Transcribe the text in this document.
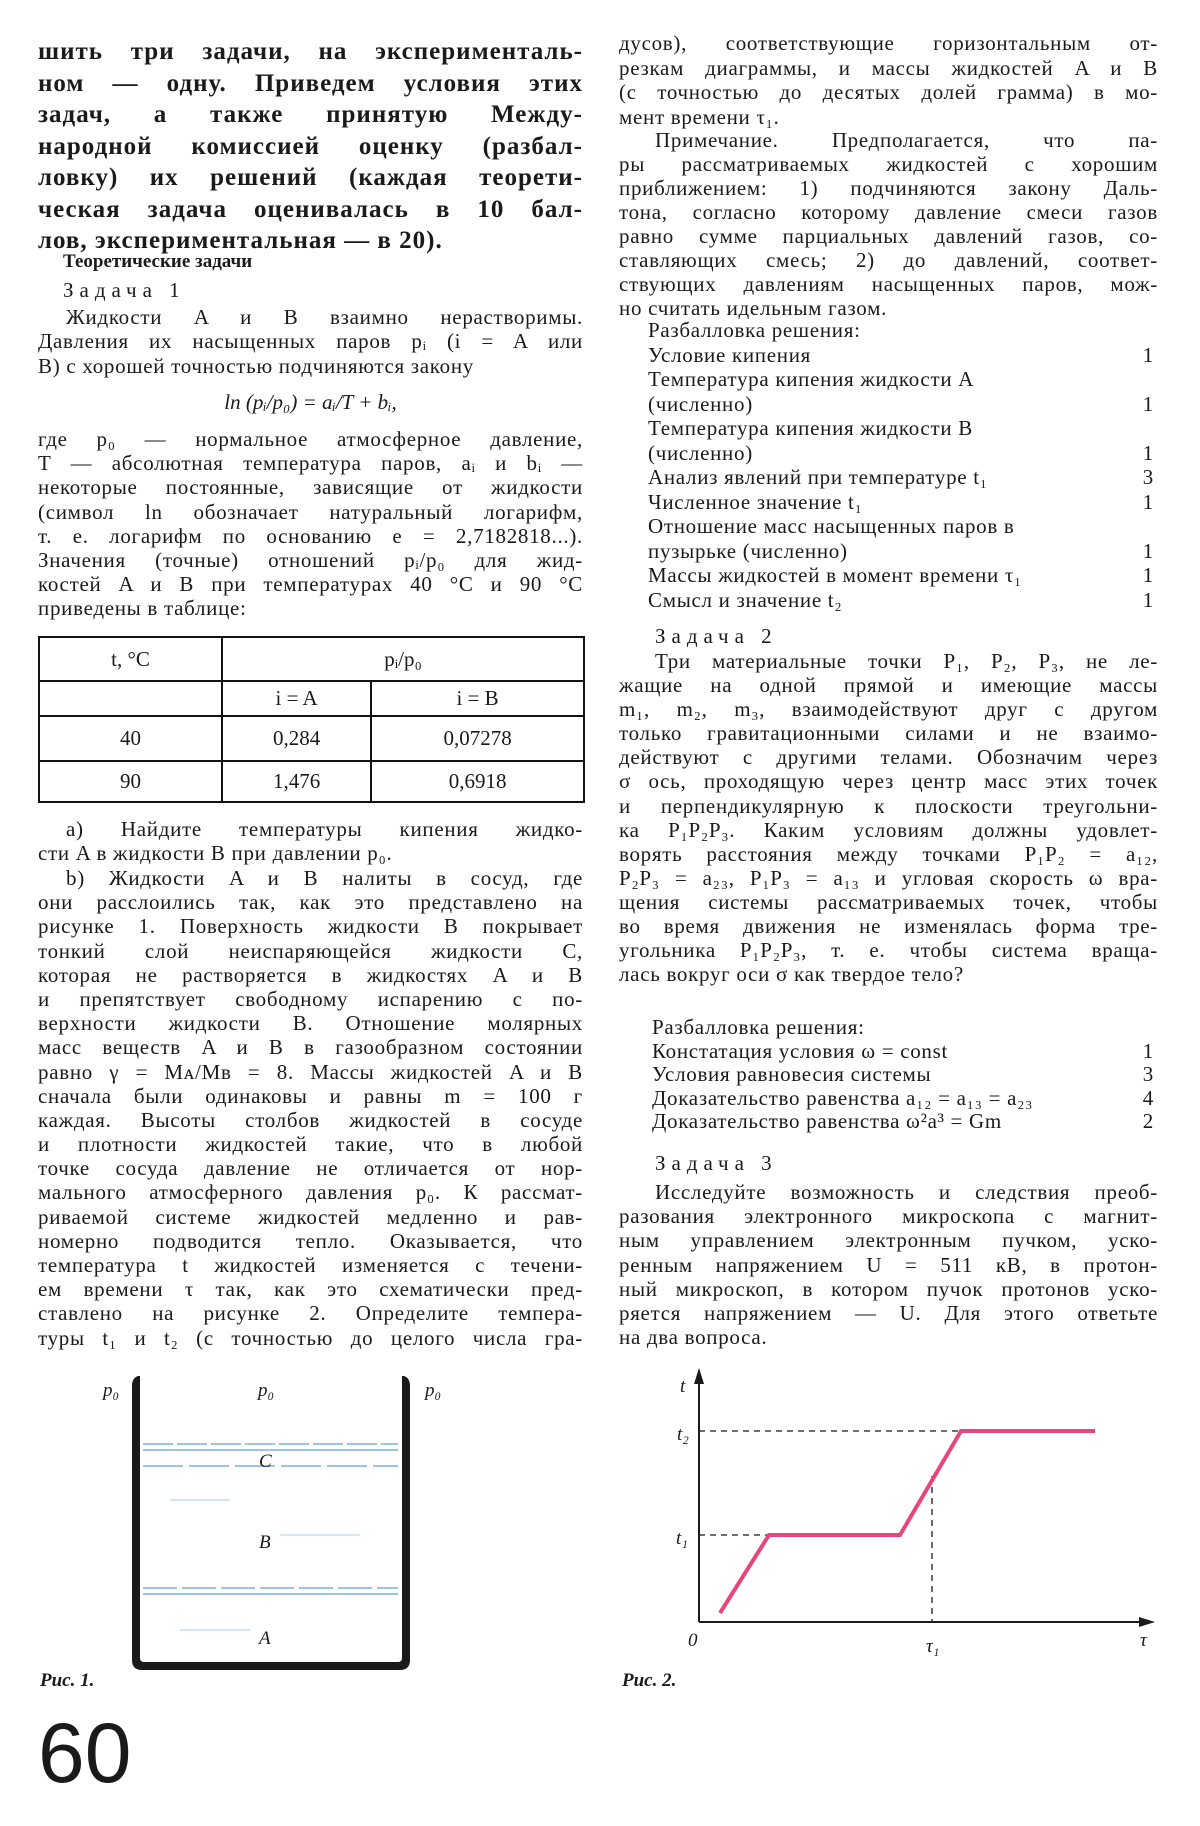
шить три задачи, на эксперименталь-
ном — одну. Приведем условия этих
задач, а также принятую Между-
народной комиссией оценку (разбал-
ловку) их решений (каждая теорети-
ческая задача оценивалась в 10 бал-
лов, экспериментальная — в 20).
Теоретические задачи
Задача 1
Жидкости A и B взаимно нерастворимы.
Давления их насыщенных паров pᵢ (i = A или
B) с хорошей точностью подчиняются закону
ln (pᵢ/p₀) = aᵢ/T + bᵢ,
где p₀ — нормальное атмосферное давление,
T — абсолютная температура паров, aᵢ и bᵢ —
некоторые постоянные, зависящие от жидкости
(символ ln обозначает натуральный логарифм,
т. е. логарифм по основанию e = 2,7182818...).
Значения (точные) отношений pᵢ/p₀ для жид-
костей A и B при температурах 40 °C и 90 °C
приведены в таблице:
t, °C	pᵢ/p₀	
	i = A	i = B
40	0,284	0,07278
90	1,476	0,6918
a) Найдите температуры кипения жидко-
сти A в жидкости B при давлении p₀.
b) Жидкости A и B налиты в сосуд, где
они расслоились так, как это представлено на
рисунке 1. Поверхность жидкости B покрывает
тонкий слой неиспаряющейся жидкости C,
которая не растворяется в жидкостях A и B
и препятствует свободному испарению с по-
верхности жидкости B. Отношение молярных
масс веществ A и B в газообразном состоянии
равно γ = Mᴀ/Mʙ = 8. Массы жидкостей A и B
сначала были одинаковы и равны m = 100 г
каждая. Высоты столбов жидкостей в сосуде
и плотности жидкостей такие, что в любой
точке сосуда давление не отличается от нор-
мального атмосферного давления p₀. К рассмат-
риваемой системе жидкостей медленно и рав-
номерно подводится тепло. Оказывается, что
температура t жидкостей изменяется с течени-
ем времени τ так, как это схематически пред-
ставлено на рисунке 2. Определите темпера-
туры t₁ и t₂ (с точностью до целого числа гра-
дусов), соответствующие горизонтальным от-
резкам диаграммы, и массы жидкостей A и B
(с точностью до десятых долей грамма) в мо-
мент времени τ₁.
Примечание. Предполагается, что па-
ры рассматриваемых жидкостей с хорошим
приближением: 1) подчиняются закону Даль-
тона, согласно которому давление смеси газов
равно сумме парциальных давлений газов, со-
ставляющих смесь; 2) до давлений, соответ-
ствующих давлениям насыщенных паров, мож-
но считать идельным газом.
Разбалловка решения:
Условие кипения	1
Температура кипения жидкости A
(численно)	1
Температура кипения жидкости B
(численно)	1
Анализ явлений при температуре t₁	3
Численное значение t₁	1
Отношение масс насыщенных паров в
пузырьке (численно)	1
Массы жидкостей в момент времени τ₁	1
Смысл и значение t₂	1
Задача 2
Три материальные точки P₁, P₂, P₃, не ле-
жащие на одной прямой и имеющие массы
m₁, m₂, m₃, взаимодействуют друг с другом
только гравитационными силами и не взаимо-
действуют с другими телами. Обозначим через
σ ось, проходящую через центр масс этих точек
и перпендикулярную к плоскости треугольни-
ка P₁P₂P₃. Каким условиям должны удовлет-
ворять расстояния между точками P₁P₂ = a₁₂,
P₂P₃ = a₂₃, P₁P₃ = a₁₃ и угловая скорость ω вра-
щения системы рассматриваемых точек, чтобы
во время движения не изменялась форма тре-
угольника P₁P₂P₃, т. е. чтобы система враща-
лась вокруг оси σ как твердое тело?
Разбалловка решения:
Констатация условия ω = const	1
Условия равновесия системы	3
Доказательство равенства a₁₂ = a₁₃ = a₂₃	4
Доказательство равенства ω²a³ = Gm	2
Задача 3
Исследуйте возможность и следствия преоб-
разования электронного микроскопа с магнит-
ным управлением электронным пучком, уско-
ренным напряжением U = 511 кВ, в протон-
ный микроскоп, в котором пучок протонов уско-
ряется напряжением — U. Для этого ответьте
на два вопроса.
p₀	p₀	p₀
C
B
A
Рис. 1.
t
t₂
t₁
0	τ₁	τ
Рис. 2.
60
